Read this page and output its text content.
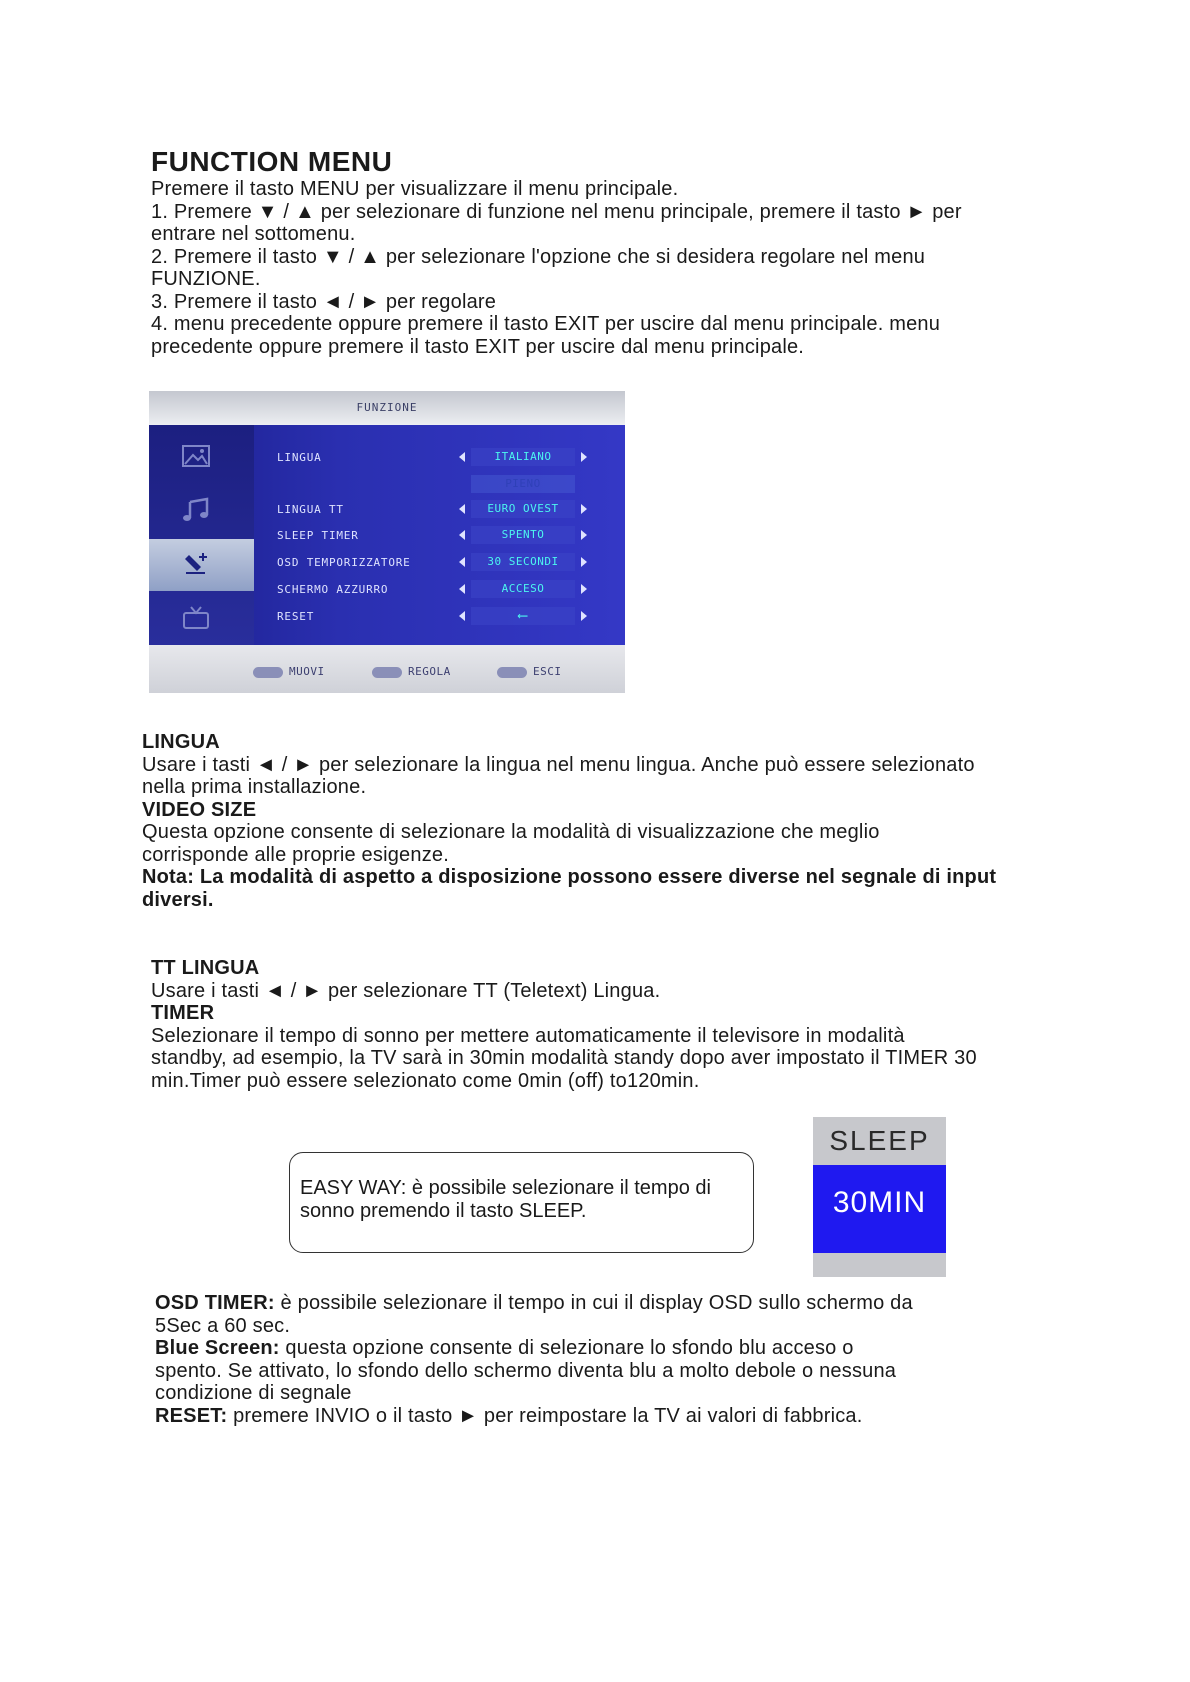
FUNCTION MENU

Premere il tasto MENU per visualizzare il menu principale.

1. Premere ▼ / ▲ per selezionare di funzione nel menu principale, premere il tasto ► per

entrare nel sottomenu.

2. Premere il tasto ▼ / ▲ per selezionare l'opzione che si desidera regolare nel menu

FUNZIONE.

3. Premere il tasto ◄ / ► per regolare

4. menu precedente oppure premere il tasto EXIT per uscire dal menu principale. menu

precedente oppure premere il tasto EXIT per uscire dal menu principale.

FUNZIONE
LINGUA	ITALIANO
PIENO
LINGUA TT	EURO OVEST
SLEEP TIMER	SPENTO
OSD TEMPORIZZATORE	30 SECONDI
SCHERMO AZZURRO	ACCESO
RESET	⟵
MUOVI	REGOLA	ESCI

LINGUA

Usare i tasti ◄ / ► per selezionare la lingua nel menu lingua. Anche può essere selezionato

nella prima installazione.

VIDEO SIZE

Questa opzione consente di selezionare la modalità di visualizzazione che meglio

corrisponde alle proprie esigenze.

Nota: La modalità di aspetto a disposizione possono essere diverse nel segnale di input

diversi.

TT LINGUA

Usare i tasti ◄ / ► per selezionare TT (Teletext) Lingua.

TIMER

Selezionare il tempo di sonno per mettere automaticamente il televisore in modalità

standby, ad esempio, la TV sarà in 30min modalità standy dopo aver impostato il TIMER 30

min.Timer può essere selezionato come 0min (off) to120min.

EASY WAY: è possibile selezionare il tempo di
sonno premendo il tasto SLEEP.

SLEEP
30MIN

OSD TIMER: è possibile selezionare il tempo in cui il display OSD sullo schermo da

5Sec a 60 sec.

Blue Screen: questa opzione consente di selezionare lo sfondo blu acceso o

spento. Se attivato, lo sfondo dello schermo diventa blu a molto debole o nessuna

condizione di segnale

RESET: premere INVIO o il tasto ► per reimpostare la TV ai valori di fabbrica.
